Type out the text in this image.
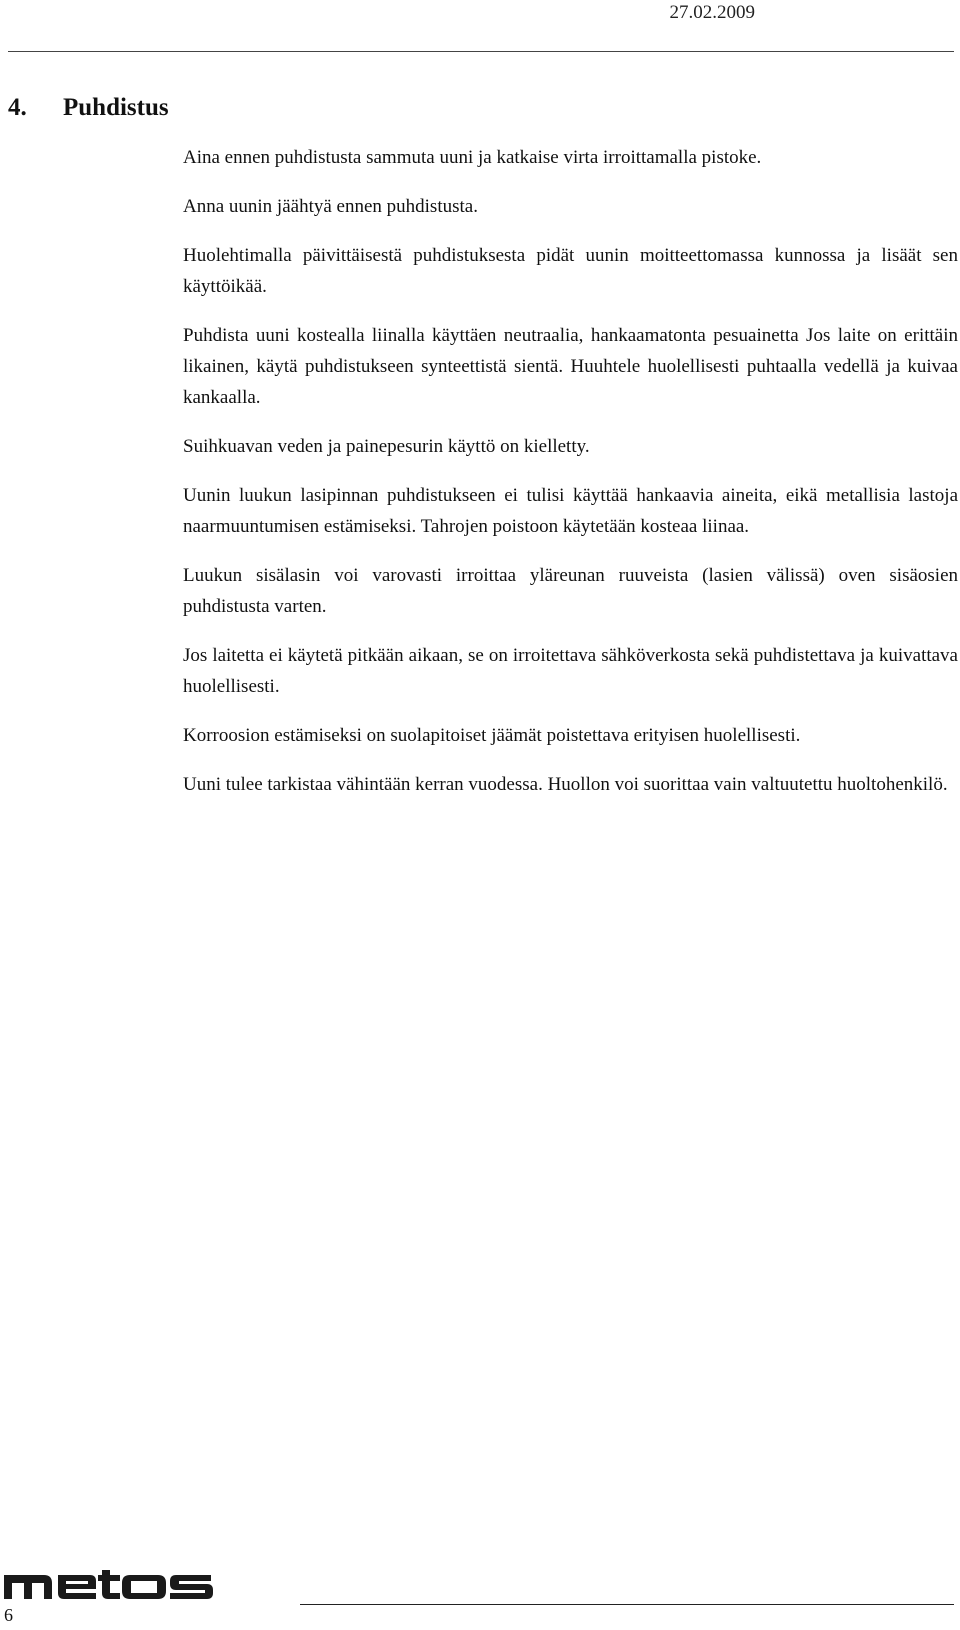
27.02.2009
4. Puhdistus

Aina ennen puhdistusta sammuta uuni ja katkaise virta irroittamalla pistoke.

Anna uunin jäähtyä ennen puhdistusta.

Huolehtimalla päivittäisestä puhdistuksesta pidät uunin moitteettomassa kunnossa ja lisäät sen käyttöikää.

Puhdista uuni kostealla liinalla käyttäen neutraalia, hankaamatonta pesuainetta Jos laite on erittäin likainen, käytä puhdistukseen synteettistä sientä. Huuhtele huolellisesti puhtaalla vedellä ja kuivaa kankaalla.

Suihkuavan veden ja painepesurin käyttö on kielletty.

Uunin luukun lasipinnan puhdistukseen ei tulisi käyttää hankaavia aineita, eikä metallisia lastoja naarmuuntumisen estämiseksi. Tahrojen poistoon käytetään kosteaa liinaa.

Luukun sisälasin voi varovasti irroittaa yläreunan ruuveista (lasien välissä) oven sisäosien puhdistusta varten.

Jos laitetta ei käytetä pitkään aikaan, se on irroitettava sähköverkosta sekä puhdistettava ja kuivattava huolellisesti.

Korroosion estämiseksi on suolapitoiset jäämät poistettava erityisen huolellisesti.

Uuni tulee tarkistaa vähintään kerran vuodessa. Huollon voi suorittaa vain valtuutettu huoltohenkilö.

6
